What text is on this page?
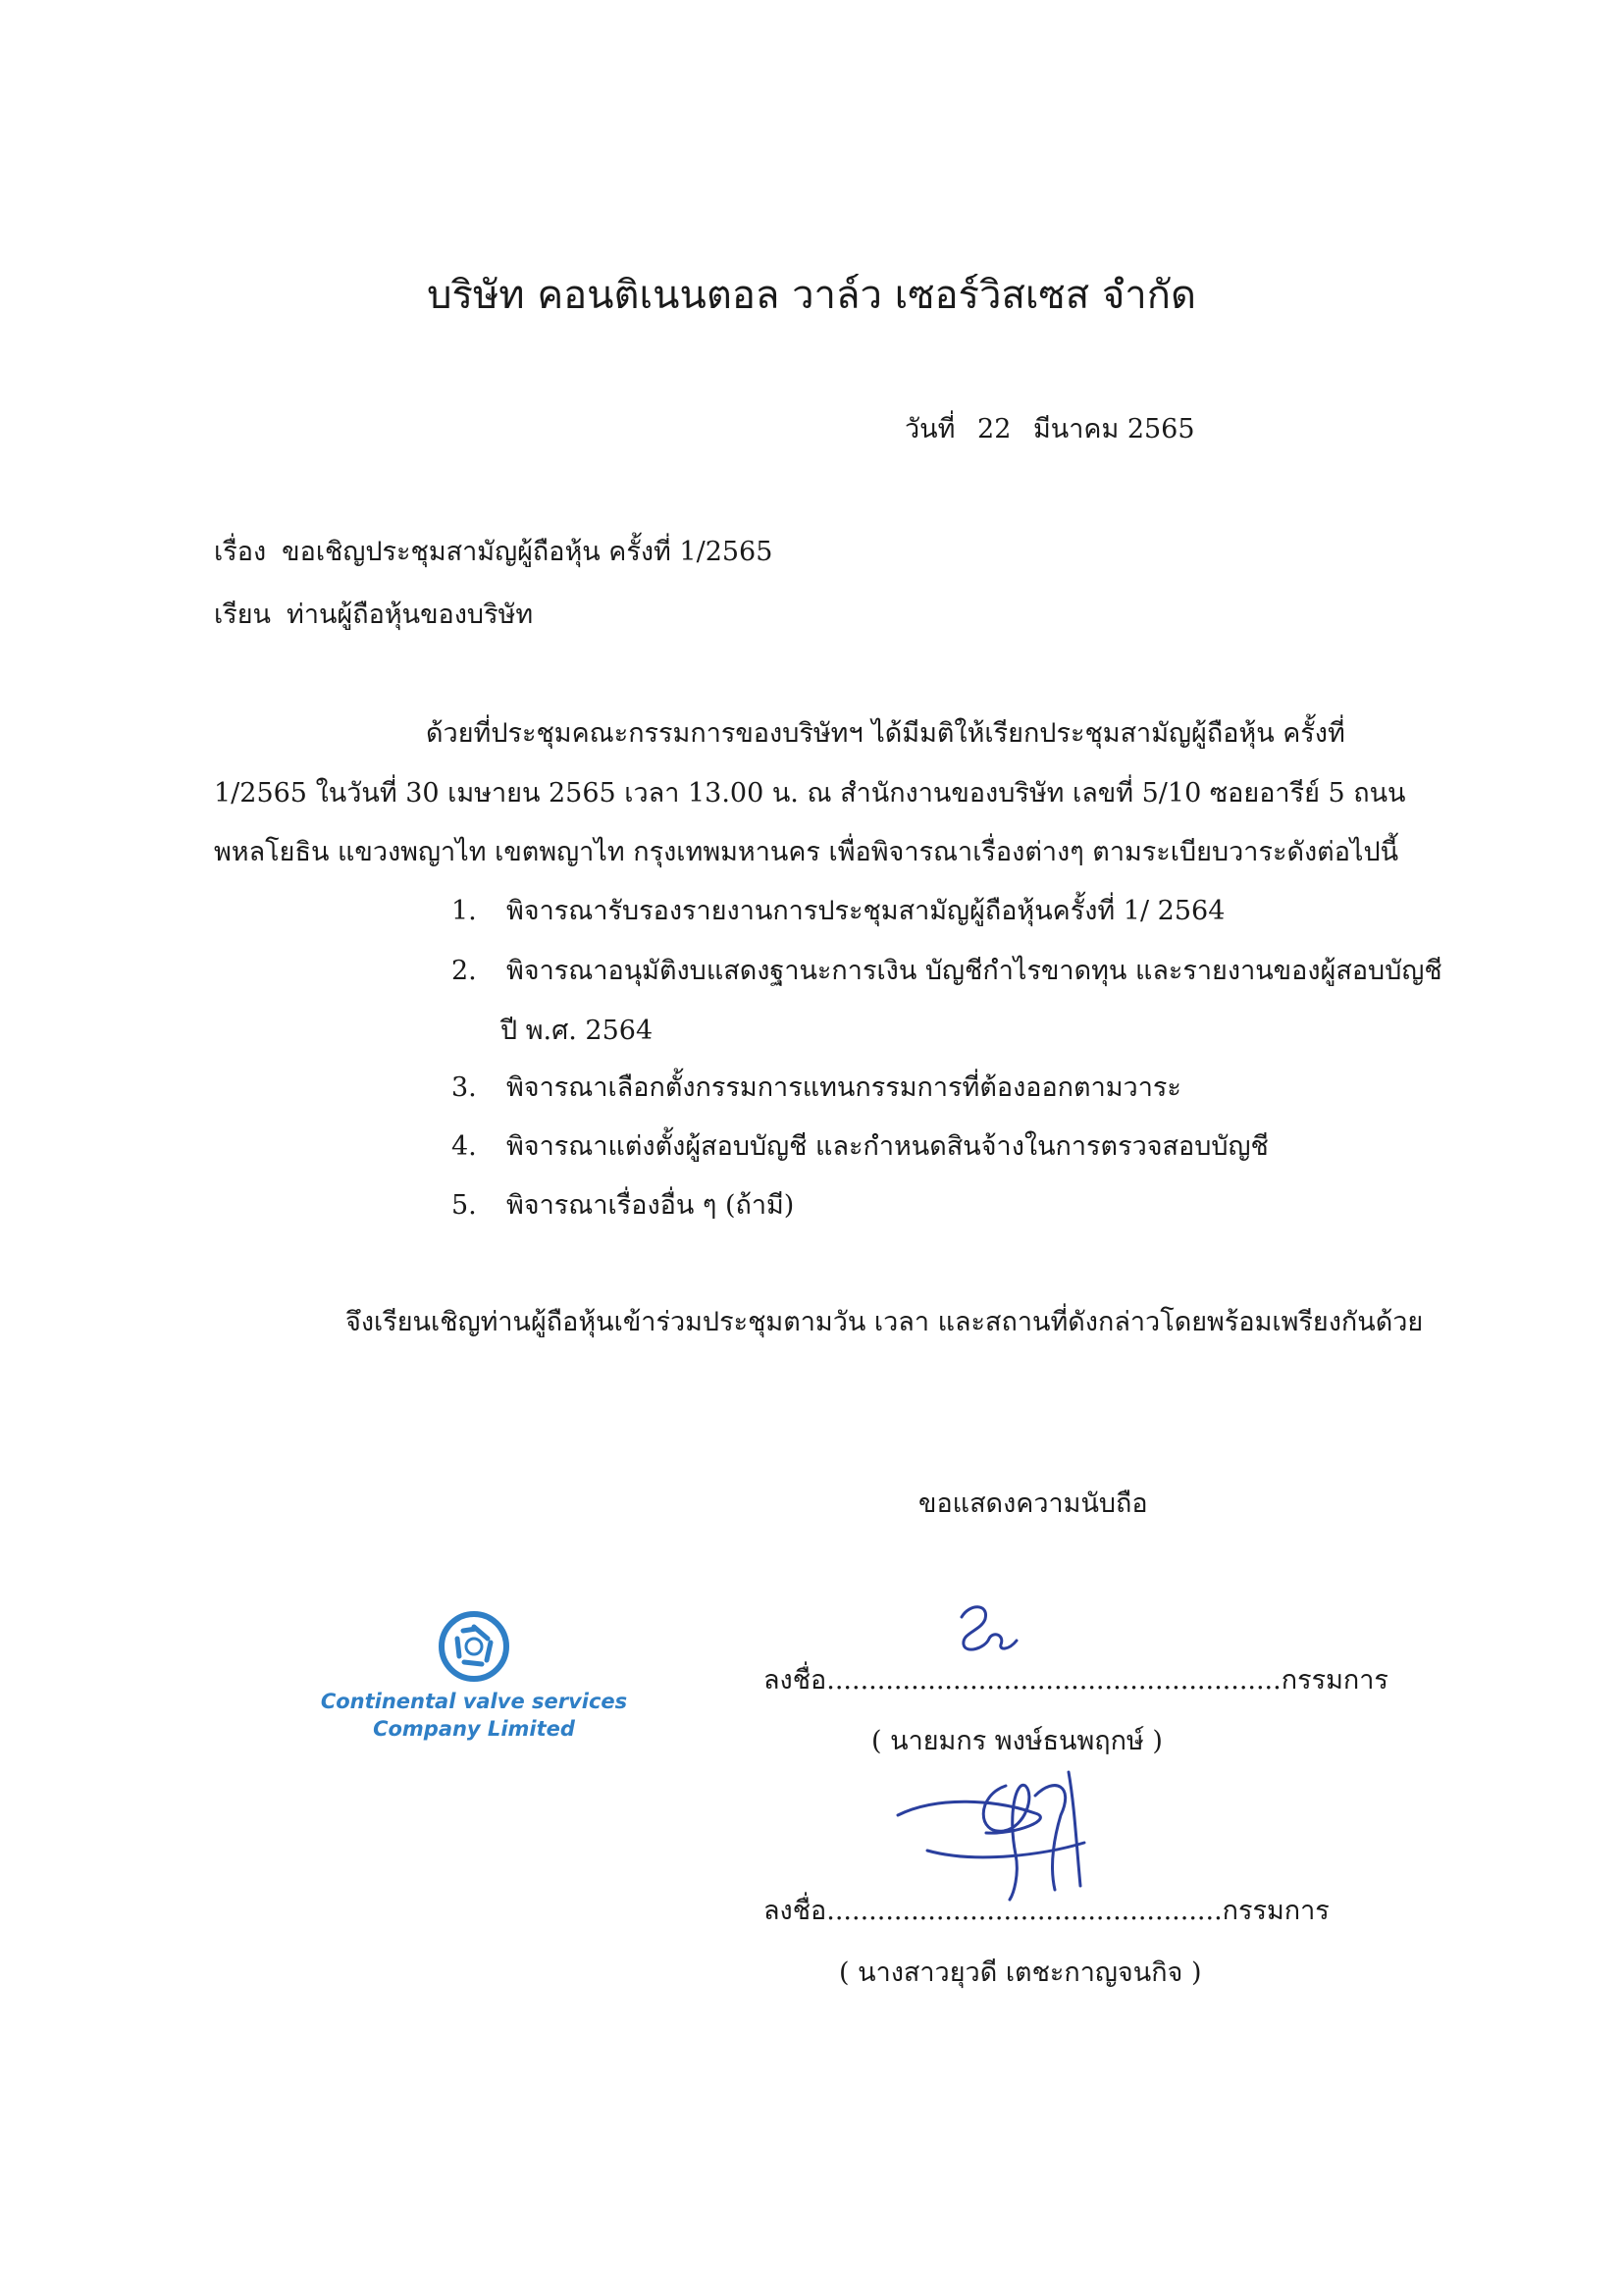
บริษัท คอนติเนนตอล วาล์ว เซอร์วิสเซส จำกัด
วันที่ 22 มีนาคม 2565
เรื่อง ขอเชิญประชุมสามัญผู้ถือหุ้น ครั้งที่ 1/2565
เรียน ท่านผู้ถือหุ้นของบริษัท
ด้วยที่ประชุมคณะกรรมการของบริษัทฯ ได้มีมติให้เรียกประชุมสามัญผู้ถือหุ้น ครั้งที่
1/2565 ในวันที่ 30 เมษายน 2565 เวลา 13.00 น. ณ สำนักงานของบริษัท เลขที่ 5/10 ซอยอารีย์ 5 ถนน
พหลโยธิน แขวงพญาไท เขตพญาไท กรุงเทพมหานคร เพื่อพิจารณาเรื่องต่างๆ ตามระเบียบวาระดังต่อไปนี้
1. พิจารณารับรองรายงานการประชุมสามัญผู้ถือหุ้นครั้งที่ 1/ 2564
2. พิจารณาอนุมัติงบแสดงฐานะการเงิน บัญชีกำไรขาดทุน และรายงานของผู้สอบบัญชี
ปี พ.ศ. 2564
3. พิจารณาเลือกตั้งกรรมการแทนกรรมการที่ต้องออกตามวาระ
4. พิจารณาแต่งตั้งผู้สอบบัญชี และกำหนดสินจ้างในการตรวจสอบบัญชี
5. พิจารณาเรื่องอื่น ๆ (ถ้ามี)
จึงเรียนเชิญท่านผู้ถือหุ้นเข้าร่วมประชุมตามวัน เวลา และสถานที่ดังกล่าวโดยพร้อมเพรียงกันด้วย
ขอแสดงความนับถือ
Continental valve services
Company Limited
ลงชื่อ......................................................กรรมการ
( นายมกร พงษ์ธนพฤกษ์ )
ลงชื่อ...............................................กรรมการ
( นางสาวยุวดี เตชะกาญจนกิจ )
